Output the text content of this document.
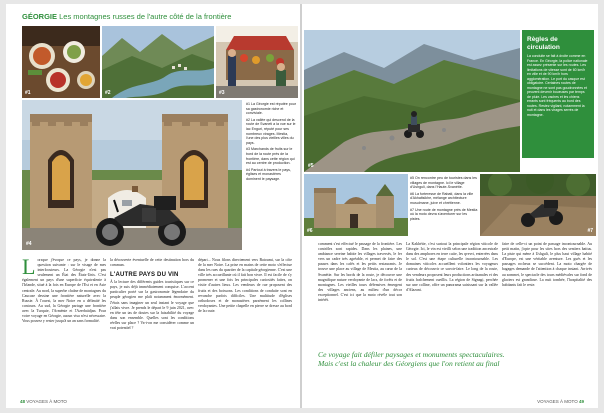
GÉORGIE Les montagnes russes de l'autre côté de la frontière
#1	#2	#3
#4

#1 La Géorgie est réputée pour sa gastronomie riche et conviviale.

#2 La vallée qui descend de la route de Svaneti a la vue sur le lac Enguri, réputé pour ses nombreux virages. Mestia, l'une des plus vieilles villes du pays.

#3 Marchands de fruits sur le bord de la route près de la frontière, dans cette région qui est au centre de production.

#4 Partout à travers le pays, églises et monastères dominent le paysage.

Lorsque j'évoque ce pays, je donne la question suivante : sur le visage de mes interlocuteurs. La Géorgie n'est pas seulement un État des États-Unis. C'est également un pays d'une superficie équivalente à l'Irlande, situé à la fois en Europe de l'Est et en Asie centrale. Au nord, la superbe chaîne de montagnes du Caucase dessine une frontière naturelle avec la Russie. À l'ouest, la mer Noire en a délimité les contours. Au sud, la Géorgie partage une frontière avec la Turquie, l'Arménie et l'Azerbaïdjan. Pour votre voyage en Géorgie, aucun visa n'est nécessaire. Vous pouvez y rester jusqu'à un an sans formalité.
la découverte éventuelle de cette destination hors du commun.
L'AUTRE PAYS DU VIN
À la lecture des différents guides touristiques sur ce pays, je suis déjà immédiatement conquise. L'accent particulier porté sur la gastronomie légendaire du peuple géorgien me plaît notamment énormément. J'étais sans imaginer un seul instant le voyage que j'allais vivre. Je prends le départ le 9 juin 2021, avec en tête un tas de doutes sur la faisabilité du voyage dans son ensemble. Quelles sont les conditions réelles sur place ? Va-t-on me considérer comme un vrai potentiel ?
départ... Nous filons directement vers Batoumi, sur la côte de la mer Noire. La prise en mains de cette moto s'effectue dans les rues du quartier de la capitale géorgienne. C'est une ville très accueillante où il fait bon vivre. Il est facile de s'y promener et une fois les principales curiosités faites, on visite d'autres lieux. Les vendeurs de rue proposent des fruits et des boissons. Les conditions de conduite sont en revanche parfois difficiles. Une multitude d'églises orthodoxes et de monastères parsèment les collines verdoyantes. Une petite chapelle en pierre se dresse au bord de la route.
48 VOYAGES À MOTO
#5
Règles de circulation

La conduite se fait à droite comme en France. En Géorgie, la police nationale est assez présente sur les routes. Les limitations de vitesse sont de 60 km/h en ville et de 90 km/h hors agglomération. Le port du casque est obligatoire. Certaines routes de montagne ne sont pas goudronnées et peuvent devenir boueuses par temps de pluie. Les vaches et les chiens errants sont fréquents au bord des routes. Restez vigilant, notamment la nuit et dans les virages serrés de montagne.

#6

#5 On rencontre peu de touristes dans les villages de montagne. Ici le village d'Ushguli, dans l'Haute-Svanétie.

#6 La forteresse de Rabati, dans la ville d'Akhaltsikhe, mélange architecture musulmane, juive et chrétienne.

#7 Une route de montagne près de Mestia où la moto devra s'aventurer sur les pistes.

#7
comment s'est effectué le passage de la frontière. Les contrôles sont rapides. Dans les plaines, une ambiance sereine habite les villages traversés, le fer vers un cadre très agréable, et permet de faire des pauses dans les cafés et les petits restaurants. Je trouve une place au village de Mestia, au cœur de la Svanétie. Sur les bords de la route, je découvre une magnifique nature verdoyante de lacs, de forêts et de montagnes. Les vieilles tours défensives émergent des villages anciens, au milieu d'un décor exceptionnel. C'est ici que la moto révèle tout son intérêt.
La Kakhétie, c'est surtout la principale région viticole de Géorgie. Ici, le vin est vieilli selon une tradition ancestrale dans des amphores en terre cuite, les qvevri, enterrées dans le sol. C'est une étape culturelle incontournable. Les domaines viticoles accueillent volontiers les voyageurs curieux de découvrir ce savoir-faire. Le long de la route, des vendeurs proposent leurs productions artisanales et des fruits fraîchement cueillis. La région de Signagi, perchée sur une colline, offre un panorama saisissant sur la vallée d'Alazani.
faire de celle-ci un point de passage incontournable. Au petit matin, j'opte pour les sites hors des sentiers battus. La piste qui mène à Ushguli, le plus haut village habité d'Europe, est une véritable aventure. Les gués et les passages rocheux se succèdent. La moto chargée de bagages demande de l'attention à chaque instant. Arrivés au sommet, le spectacle des tours médiévales sur fond de glaciers est grandiose. La nuit tombée, l'hospitalité des habitants fait le reste.
Ce voyage fait défiler paysages et monuments spectaculaires. Mais c'est la chaleur des Géorgiens que l'on retient au final
VOYAGES À MOTO 49
